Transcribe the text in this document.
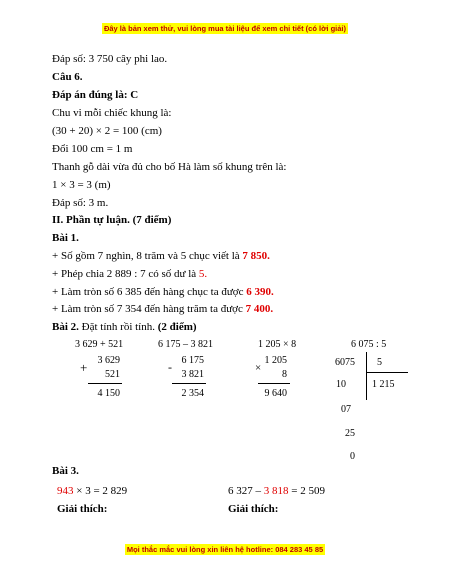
Đây là bản xem thử, vui lòng mua tài liệu để xem chi tiết (có lời giải)
Đáp số: 3 750 cây phi lao.
Câu 6.
Đáp án đúng là: C
Chu vi mỗi chiếc khung là:
(30 + 20) × 2 = 100 (cm)
Đổi 100 cm = 1 m
Thanh gỗ dài vừa đủ cho bố Hà làm số khung trên là:
1 × 3 = 3 (m)
Đáp số: 3 m.
II. Phần tự luận. (7 điểm)
Bài 1.
+ Số gồm 7 nghìn, 8 trăm và 5 chục viết là 7 850.
+ Phép chia 2 889 : 7 có số dư là 5.
+ Làm tròn số 6 385 đến hàng chục ta được 6 390.
+ Làm tròn số 7 354 đến hàng trăm ta được 7 400.
Bài 2. Đặt tính rồi tính. (2 điểm)
3 629 + 521	6 175 – 3 821	1 205 × 8	6 075 : 5
+	3 629
521
4 150
- 6 175
3 821
2 354
×
1 205
8
9 640
6075 5
1 215
10
07
25
0
Bài 3.
943 × 3 = 2 829	6 327 – 3 818 = 2 509
Giải thích:	Giải thích:
Mọi thắc mắc vui lòng xin liên hệ hotline: 084 283 45 85
